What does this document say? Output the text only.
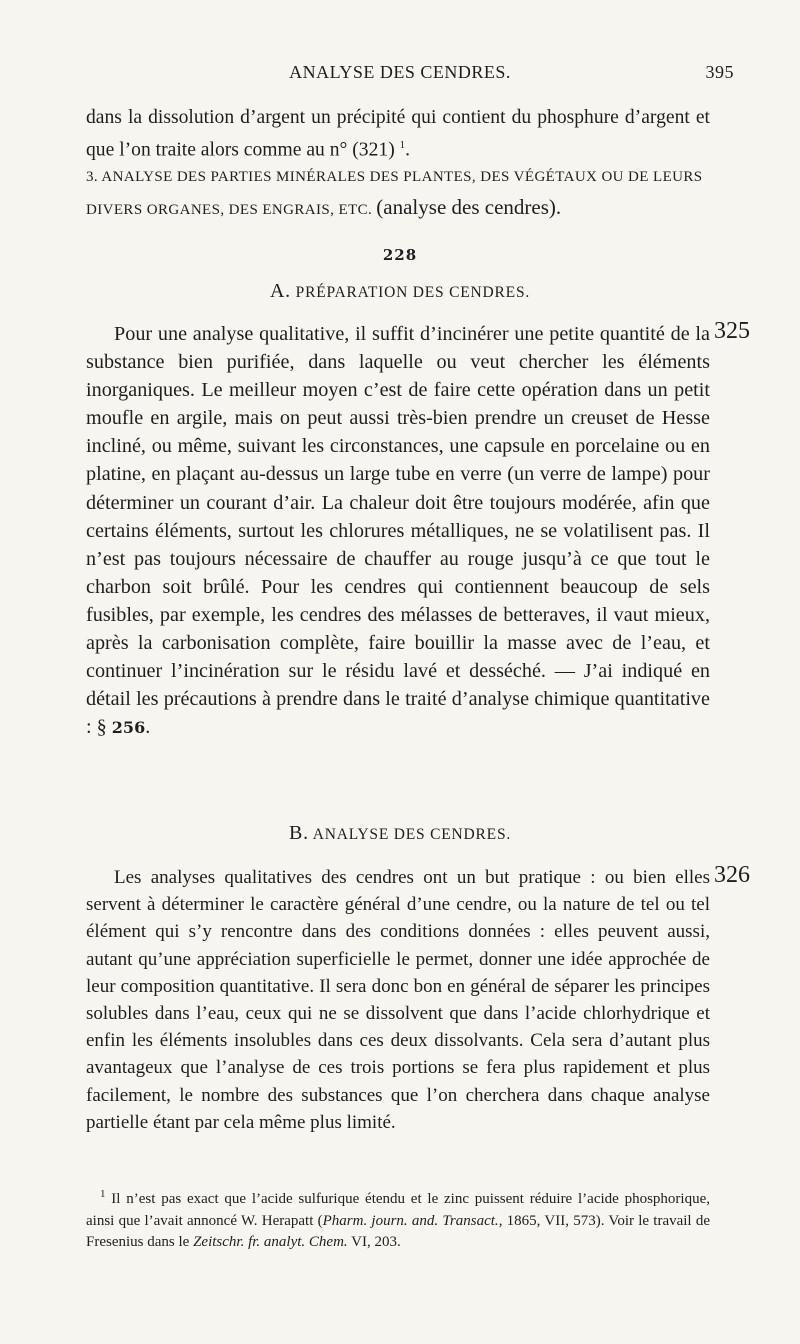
ANALYSE DES CENDRES.	395

dans la dissolution d’argent un précipité qui contient du phosphure d’argent et que l’on traite alors comme au n° (321) $^1$.

3. ANALYSE DES PARTIES MINÉRALES DES PLANTES, DES VÉGÉTAUX OU DE LEURS DIVERS ORGANES, DES ENGRAIS, ETC. (analyse des cendres).

228
A. PRÉPARATION DES CENDRES.
325

Pour une analyse qualitative, il suffit d’incinérer une petite quantité de la substance bien purifiée, dans laquelle ou veut chercher les éléments inorganiques. Le meilleur moyen c’est de faire cette opération dans un petit moufle en argile, mais on peut aussi très-bien prendre un creuset de Hesse incliné, ou même, suivant les circonstances, une capsule en porcelaine ou en platine, en plaçant au-dessus un large tube en verre (un verre de lampe) pour déterminer un courant d’air. La chaleur doit être toujours modérée, afin que certains éléments, surtout les chlorures métalliques, ne se volatilisent pas. Il n’est pas toujours nécessaire de chauffer au rouge jusqu’à ce que tout le charbon soit brûlé. Pour les cendres qui contiennent beaucoup de sels fusibles, par exemple, les cendres des mélasses de betteraves, il vaut mieux, après la carbonisation complète, faire bouillir la masse avec de l’eau, et continuer l’incinération sur le résidu lavé et desséché. — J’ai indiqué en détail les précautions à prendre dans le traité d’analyse chimique quantitative : § 256.

B. ANALYSE DES CENDRES.
326

Les analyses qualitatives des cendres ont un but pratique : ou bien elles servent à déterminer le caractère général d’une cendre, ou la nature de tel ou tel élément qui s’y rencontre dans des conditions données : elles peuvent aussi, autant qu’une appréciation superficielle le permet, donner une idée approchée de leur composition quantitative. Il sera donc bon en général de séparer les principes solubles dans l’eau, ceux qui ne se dissolvent que dans l’acide chlorhydrique et enfin les éléments insolubles dans ces deux dissolvants. Cela sera d’autant plus avantageux que l’analyse de ces trois portions se fera plus rapidement et plus facilement, le nombre des substances que l’on cherchera dans chaque analyse partielle étant par cela même plus limité.

$^1$ Il n’est pas exact que l’acide sulfurique étendu et le zinc puissent réduire l’acide phosphorique, ainsi que l’avait annoncé W. Herapatt (Pharm. journ. and. Transact., 1865, VII, 573). Voir le travail de Fresenius dans le Zeitschr. fr. analyt. Chem. VI, 203.
